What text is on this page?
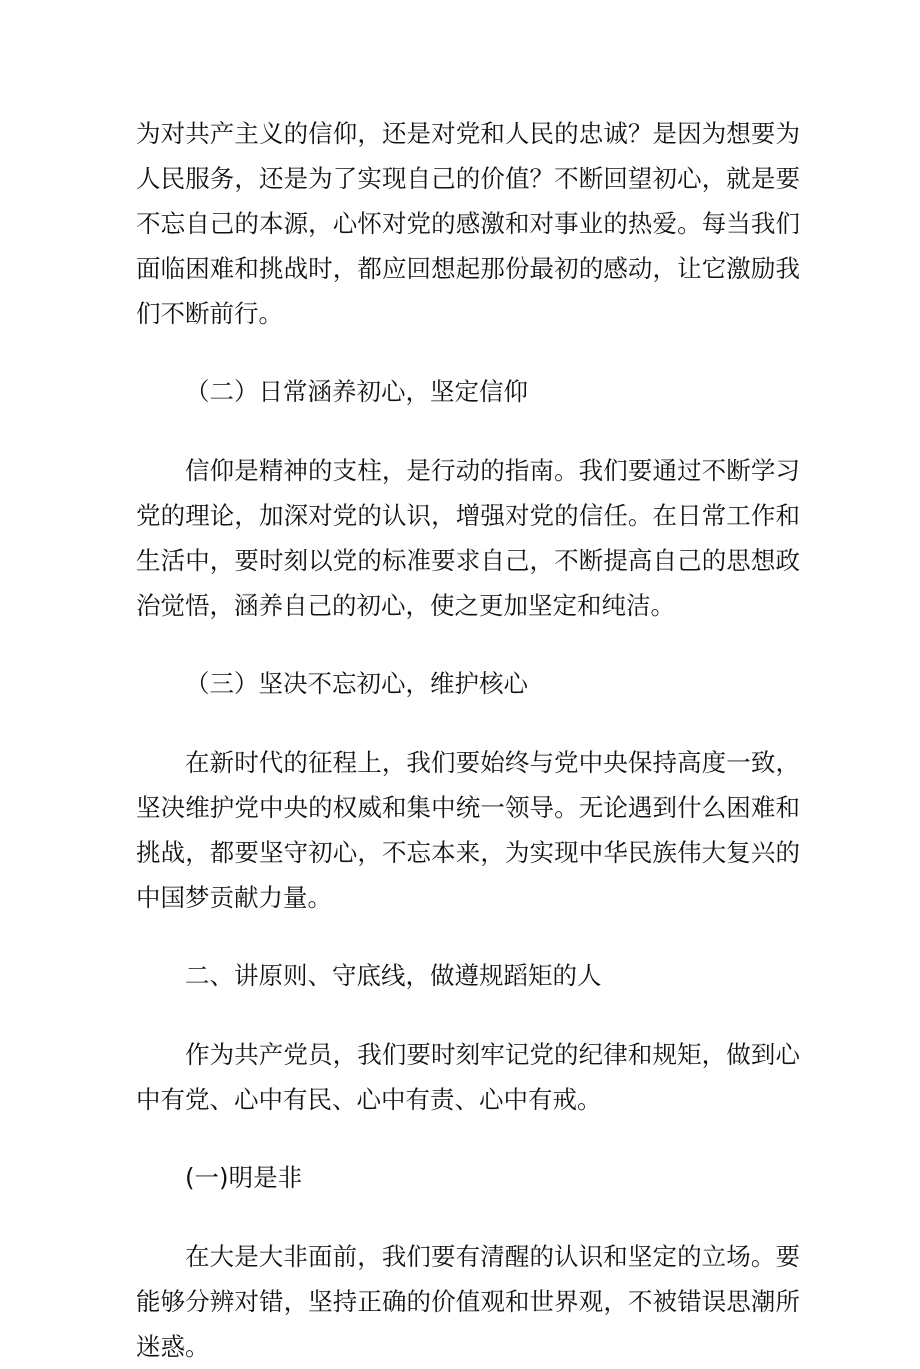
为对共产主义的信仰，还是对党和人民的忠诚？是因为想要为人民服务，还是为了实现自己的价值？不断回望初心，就是要不忘自己的本源，心怀对党的感激和对事业的热爱。每当我们面临困难和挑战时，都应回想起那份最初的感动，让它激励我们不断前行。

（二）日常涵养初心，坚定信仰

信仰是精神的支柱，是行动的指南。我们要通过不断学习党的理论，加深对党的认识，增强对党的信任。在日常工作和生活中，要时刻以党的标准要求自己，不断提高自己的思想政治觉悟，涵养自己的初心，使之更加坚定和纯洁。

（三）坚决不忘初心，维护核心

在新时代的征程上，我们要始终与党中央保持高度一致，坚决维护党中央的权威和集中统一领导。无论遇到什么困难和挑战，都要坚守初心，不忘本来，为实现中华民族伟大复兴的中国梦贡献力量。

二、讲原则、守底线，做遵规蹈矩的人

作为共产党员，我们要时刻牢记党的纪律和规矩，做到心中有党、心中有民、心中有责、心中有戒。

(一)明是非

在大是大非面前，我们要有清醒的认识和坚定的立场。要能够分辨对错，坚持正确的价值观和世界观，不被错误思潮所迷惑。
